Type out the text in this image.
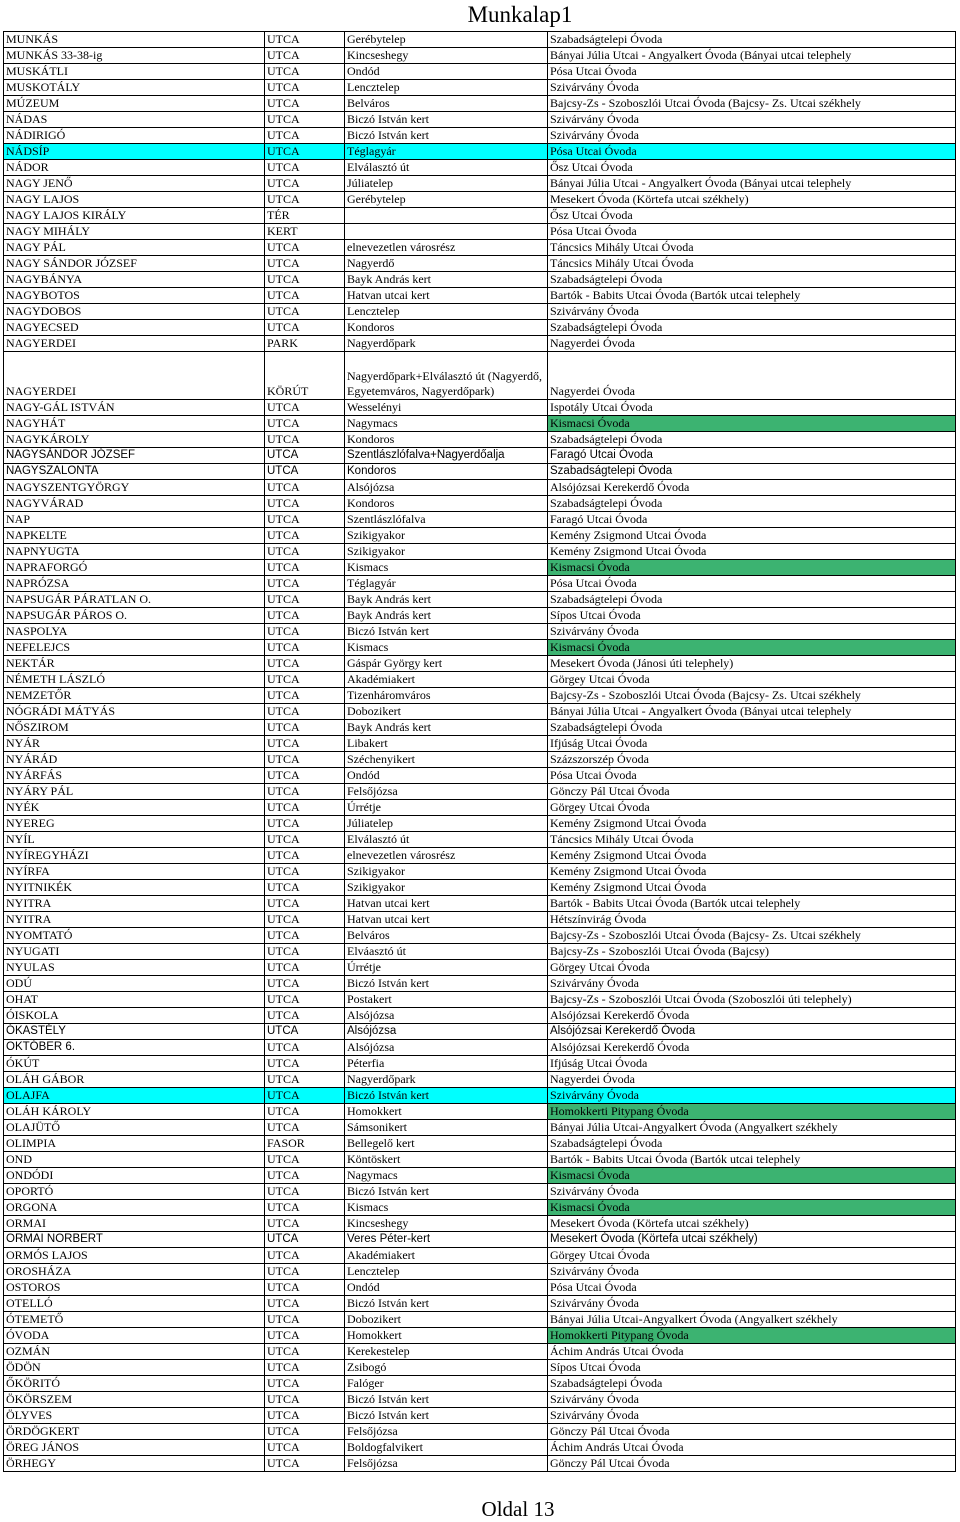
Munkalap1
MUNKÁS	UTCA	Gerébytelep	Szabadságtelepi Óvoda
MUNKÁS 33-38-ig	UTCA	Kincseshegy	Bányai Júlia Utcai - Angyalkert Óvoda (Bányai utcai telephely
MUSKÁTLI	UTCA	Ondód	Pósa Utcai Óvoda
MUSKOTÁLY	UTCA	Lencztelep	Szivárvány Óvoda
MÚZEUM	UTCA	Belváros	Bajcsy-Zs - Szoboszlói Utcai Óvoda (Bajcsy- Zs. Utcai székhely
NÁDAS	UTCA	Biczó István kert	Szivárvány Óvoda
NÁDIRIGÓ	UTCA	Biczó István kert	Szivárvány Óvoda
NÁDSÍP	UTCA	Téglagyár	Pósa Utcai Óvoda
NÁDOR	UTCA	Elválasztó út	Ősz Utcai Óvoda
NAGY JENŐ	UTCA	Júliatelep	Bányai Júlia Utcai - Angyalkert Óvoda (Bányai utcai telephely
NAGY LAJOS	UTCA	Gerébytelep	Mesekert Óvoda (Körtefa utcai székhely)
NAGY LAJOS KIRÁLY	TÉR		Ősz Utcai Óvoda
NAGY MIHÁLY	KERT		Pósa Utcai Óvoda
NAGY PÁL	UTCA	elnevezetlen városrész	Táncsics Mihály Utcai Óvoda
NAGY SÁNDOR JÓZSEF	UTCA	Nagyerdő	Táncsics Mihály Utcai Óvoda
NAGYBÁNYA	UTCA	Bayk András kert	Szabadságtelepi Óvoda
NAGYBOTOS	UTCA	Hatvan utcai kert	Bartók - Babits Utcai Óvoda (Bartók utcai telephely
NAGYDOBOS	UTCA	Lencztelep	Szivárvány Óvoda
NAGYECSED	UTCA	Kondoros	Szabadságtelepi Óvoda
NAGYERDEI	PARK	Nagyerdőpark	Nagyerdei Óvoda
NAGYERDEI	KÖRÚT	Nagyerdőpark+Elválasztó út (Nagyerdő, Egyetemváros, Nagyerdőpark)	Nagyerdei Óvoda
NAGY-GÁL ISTVÁN	UTCA	Wesselényi	Ispotály Utcai Óvoda
NAGYHÁT	UTCA	Nagymacs	Kismacsi Óvoda
NAGYKÁROLY	UTCA	Kondoros	Szabadságtelepi Óvoda
NAGYSÁNDOR JÓZSEF	UTCA	Szentlászlófalva+Nagyerdőalja	Faragó Utcai Óvoda
NAGYSZALONTA	UTCA	Kondoros	Szabadságtelepi Óvoda
NAGYSZENTGYÖRGY	UTCA	Alsójózsa	Alsójózsai Kerekerdő Óvoda
NAGYVÁRAD	UTCA	Kondoros	Szabadságtelepi Óvoda
NAP	UTCA	Szentlászlófalva	Faragó Utcai Óvoda
NAPKELTE	UTCA	Szikigyakor	Kemény Zsigmond Utcai Óvoda
NAPNYUGTA	UTCA	Szikigyakor	Kemény Zsigmond Utcai Óvoda
NAPRAFORGÓ	UTCA	Kismacs	Kismacsi Óvoda
NAPRÓZSA	UTCA	Téglagyár	Pósa Utcai Óvoda
NAPSUGÁR PÁRATLAN O.	UTCA	Bayk András kert	Szabadságtelepi Óvoda
NAPSUGÁR PÁROS O.	UTCA	Bayk András kert	Sípos Utcai Óvoda
NASPOLYA	UTCA	Biczó István kert	Szivárvány Óvoda
NEFELEJCS	UTCA	Kismacs	Kismacsi Óvoda
NEKTÁR	UTCA	Gáspár György kert	Mesekert Óvoda (Jánosi úti telephely)
NÉMETH LÁSZLÓ	UTCA	Akadémiakert	Görgey Utcai Óvoda
NEMZETŐR	UTCA	Tizenháromváros	Bajcsy-Zs - Szoboszlói Utcai Óvoda (Bajcsy- Zs. Utcai székhely
NÓGRÁDI MÁTYÁS	UTCA	Dobozikert	Bányai Júlia Utcai - Angyalkert Óvoda (Bányai utcai telephely
NŐSZIROM	UTCA	Bayk András kert	Szabadságtelepi Óvoda
NYÁR	UTCA	Libakert	Ifjúság Utcai Óvoda
NYÁRÁD	UTCA	Széchenyikert	Százszorszép Óvoda
NYÁRFÁS	UTCA	Ondód	Pósa Utcai Óvoda
NYÁRY PÁL	UTCA	Felsőjózsa	Gönczy Pál Utcai Óvoda
NYÉK	UTCA	Úrrétje	Görgey Utcai Óvoda
NYEREG	UTCA	Júliatelep	Kemény Zsigmond Utcai Óvoda
NYÍL	UTCA	Elválasztó út	Táncsics Mihály Utcai Óvoda
NYÍREGYHÁZI	UTCA	elnevezetlen városrész	Kemény Zsigmond Utcai Óvoda
NYÍRFA	UTCA	Szikigyakor	Kemény Zsigmond Utcai Óvoda
NYITNIKÉK	UTCA	Szikigyakor	Kemény Zsigmond Utcai Óvoda
NYITRA	UTCA	Hatvan utcai kert	Bartók - Babits Utcai Óvoda (Bartók utcai telephely
NYITRA	UTCA	Hatvan utcai kert	Hétszínvirág Óvoda
NYOMTATÓ	UTCA	Belváros	Bajcsy-Zs - Szoboszlói Utcai Óvoda (Bajcsy- Zs. Utcai székhely
NYUGATI	UTCA	Elváasztó út	Bajcsy-Zs - Szoboszlói Utcai Óvoda (Bajcsy)
NYULAS	UTCA	Úrrétje	Görgey Utcai Óvoda
ODÚ	UTCA	Biczó István kert	Szivárvány Óvoda
OHAT	UTCA	Postakert	Bajcsy-Zs - Szoboszlói Utcai Óvoda (Szoboszlói úti telephely)
ÓISKOLA	UTCA	Alsójózsa	Alsójózsai Kerekerdő Óvoda
ÓKASTÉLY	UTCA	Alsójózsa	Alsójózsai Kerekerdő Óvoda
OKTÓBER 6.	UTCA	Alsójózsa	Alsójózsai Kerekerdő Óvoda
ÓKÚT	UTCA	Péterfia	Ifjúság Utcai Óvoda
OLÁH GÁBOR	UTCA	Nagyerdőpark	Nagyerdei Óvoda
OLAJFA	UTCA	Biczó István kert	Szivárvány Óvoda
OLÁH KÁROLY	UTCA	Homokkert	Homokkerti Pitypang Óvoda
OLAJÜTŐ	UTCA	Sámsonikert	Bányai Júlia Utcai-Angyalkert Óvoda (Angyalkert székhely
OLIMPIA	FASOR	Bellegelő kert	Szabadságtelepi Óvoda
OND	UTCA	Köntöskert	Bartók - Babits Utcai Óvoda (Bartók utcai telephely
ONDÓDI	UTCA	Nagymacs	Kismacsi Óvoda
OPORTÓ	UTCA	Biczó István kert	Szivárvány Óvoda
ORGONA	UTCA	Kismacs	Kismacsi Óvoda
ORMAI	UTCA	Kincseshegy	Mesekert Óvoda (Körtefa utcai székhely)
ORMAI NORBERT	UTCA	Veres Péter-kert	Mesekert Óvoda (Körtefa utcai székhely)
ORMÓS LAJOS	UTCA	Akadémiakert	Görgey Utcai Óvoda
OROSHÁZA	UTCA	Lencztelep	Szivárvány Óvoda
OSTOROS	UTCA	Ondód	Pósa Utcai Óvoda
OTELLÓ	UTCA	Biczó István kert	Szivárvány Óvoda
ÓTEMETŐ	UTCA	Dobozikert	Bányai Júlia Utcai-Angyalkert Óvoda (Angyalkert székhely
ÓVODA	UTCA	Homokkert	Homokkerti Pitypang Óvoda
OZMÁN	UTCA	Kerekestelep	Áchim András Utcai Óvoda
ÖDÖN	UTCA	Zsibogó	Sípos Utcai Óvoda
ŐKÖRITÓ	UTCA	Falóger	Szabadságtelepi Óvoda
ÖKÖRSZEM	UTCA	Biczó István kert	Szivárvány Óvoda
ÖLYVES	UTCA	Biczó István kert	Szivárvány Óvoda
ÖRDÖGKERT	UTCA	Felsőjózsa	Gönczy Pál Utcai Óvoda
ÖREG JÁNOS	UTCA	Boldogfalvikert	Áchim András Utcai Óvoda
ÖRHEGY	UTCA	Felsőjózsa	Gönczy Pál Utcai Óvoda
Oldal 13
